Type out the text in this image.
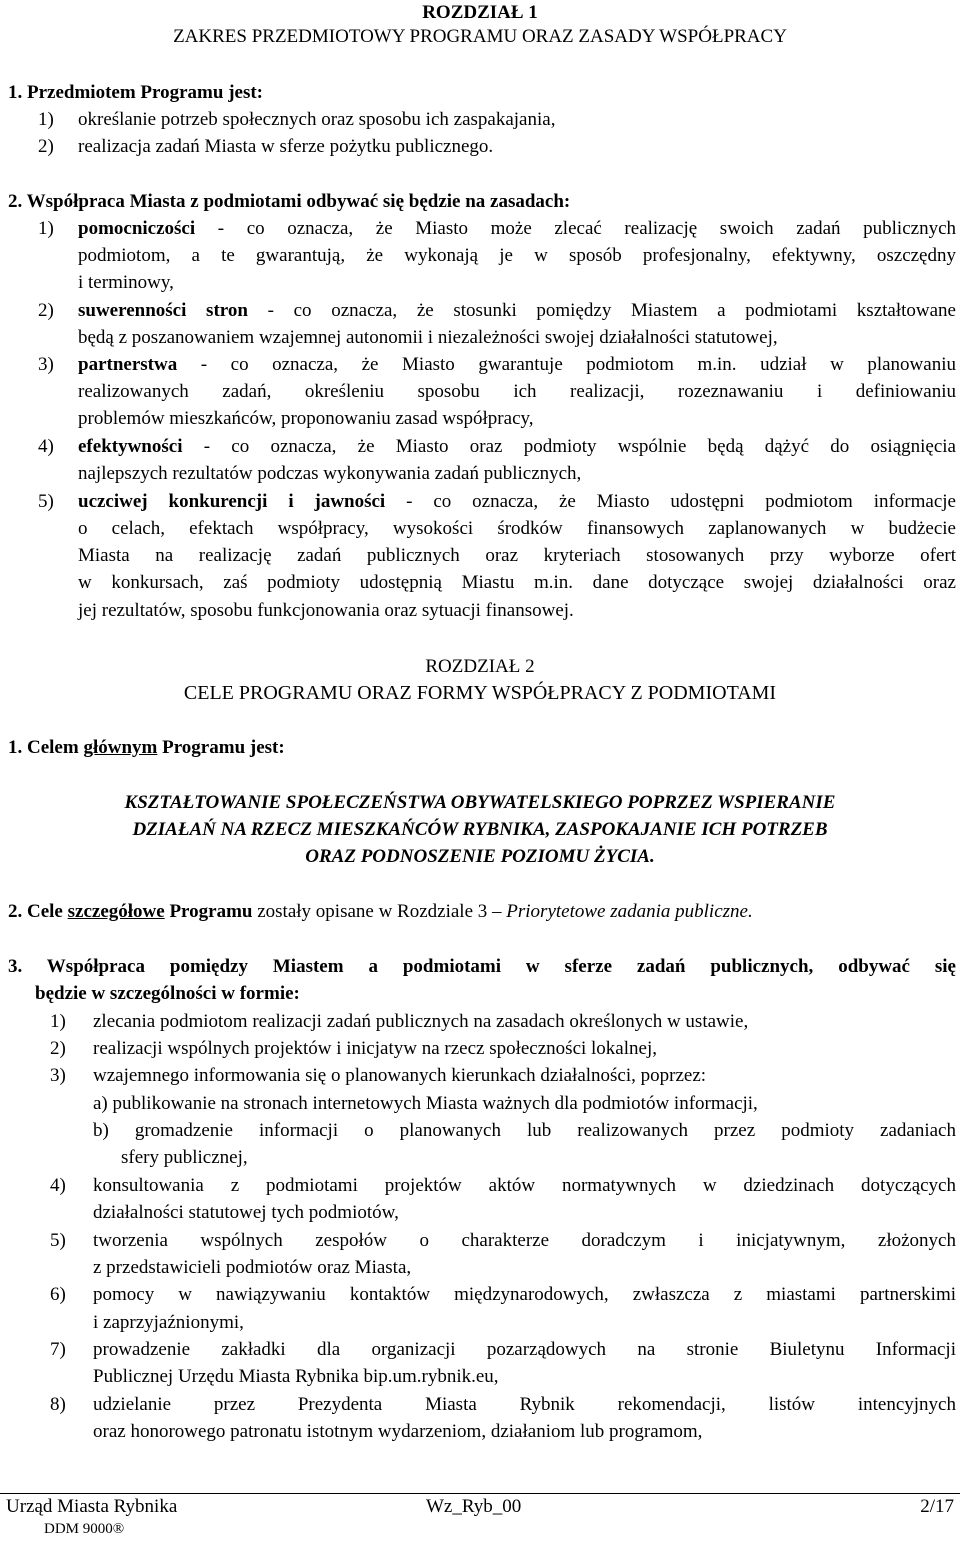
ROZDZIAŁ 1
ZAKRES PRZEDMIOTOWY PROGRAMU ORAZ ZASADY WSPÓŁPRACY
1. Przedmiotem Programu jest:
1) określanie potrzeb społecznych oraz sposobu ich zaspakajania,
2) realizacja zadań Miasta w sferze pożytku publicznego.
2. Współpraca Miasta z podmiotami odbywać się będzie na zasadach:
1) pomocniczości - co oznacza, że Miasto może zlecać realizację swoich zadań publicznych
podmiotom, a te gwarantują, że wykonają je w sposób profesjonalny, efektywny, oszczędny
i terminowy,
2) suwerenności stron - co oznacza, że stosunki pomiędzy Miastem a podmiotami kształtowane
będą z poszanowaniem wzajemnej autonomii i niezależności swojej działalności statutowej,
3) partnerstwa - co oznacza, że Miasto gwarantuje podmiotom m.in. udział w planowaniu
realizowanych zadań, określeniu sposobu ich realizacji, rozeznawaniu i definiowaniu
problemów mieszkańców, proponowaniu zasad współpracy,
4) efektywności - co oznacza, że Miasto oraz podmioty wspólnie będą dążyć do osiągnięcia
najlepszych rezultatów podczas wykonywania zadań publicznych,
5) uczciwej konkurencji i jawności - co oznacza, że Miasto udostępni podmiotom informacje
o celach, efektach współpracy, wysokości środków finansowych zaplanowanych w budżecie
Miasta na realizację zadań publicznych oraz kryteriach stosowanych przy wyborze ofert
w konkursach, zaś podmioty udostępnią Miastu m.in. dane dotyczące swojej działalności oraz
jej rezultatów, sposobu funkcjonowania oraz sytuacji finansowej.
ROZDZIAŁ 2
CELE PROGRAMU ORAZ FORMY WSPÓŁPRACY Z PODMIOTAMI
1. Celem głównym Programu jest:
KSZTAŁTOWANIE SPOŁECZEŃSTWA OBYWATELSKIEGO POPRZEZ WSPIERANIE
DZIAŁAŃ NA RZECZ MIESZKAŃCÓW RYBNIKA, ZASPOKAJANIE ICH POTRZEB
ORAZ PODNOSZENIE POZIOMU ŻYCIA.
2. Cele szczegółowe Programu zostały opisane w Rozdziale 3 – Priorytetowe zadania publiczne.
3. Współpraca pomiędzy Miastem a podmiotami w sferze zadań publicznych, odbywać się
będzie w szczególności w formie:
1) zlecania podmiotom realizacji zadań publicznych na zasadach określonych w ustawie,
2) realizacji wspólnych projektów i inicjatyw na rzecz społeczności lokalnej,
3) wzajemnego informowania się o planowanych kierunkach działalności, poprzez:
a) publikowanie na stronach internetowych Miasta ważnych dla podmiotów informacji,
b) gromadzenie informacji o planowanych lub realizowanych przez podmioty zadaniach
sfery publicznej,
4) konsultowania z podmiotami projektów aktów normatywnych w dziedzinach dotyczących
działalności statutowej tych podmiotów,
5) tworzenia wspólnych zespołów o charakterze doradczym i inicjatywnym, złożonych
z przedstawicieli podmiotów oraz Miasta,
6) pomocy w nawiązywaniu kontaktów międzynarodowych, zwłaszcza z miastami partnerskimi
i zaprzyjaźnionymi,
7) prowadzenie zakładki dla organizacji pozarządowych na stronie Biuletynu Informacji
Publicznej Urzędu Miasta Rybnika bip.um.rybnik.eu,
8) udzielanie przez Prezydenta Miasta Rybnik rekomendacji, listów intencyjnych
oraz honorowego patronatu istotnym wydarzeniom, działaniom lub programom,
Urząd Miasta Rybnika	Wz_Ryb_00	2/17
DDM 9000®
